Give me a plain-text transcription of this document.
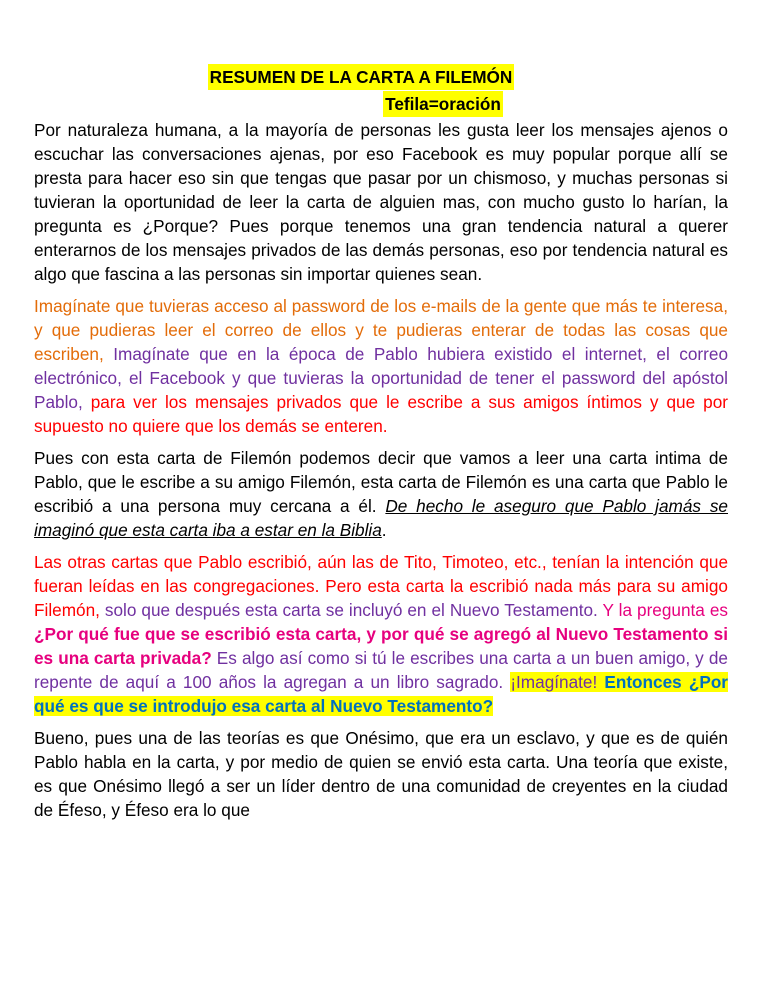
RESUMEN DE LA CARTA A FILEMÓN
Tefila=oración

Por naturaleza humana, a la mayoría de personas les gusta leer los mensajes ajenos o escuchar las conversaciones ajenas, por eso Facebook es muy popular porque allí se presta para hacer eso sin que tengas que pasar por un chismoso, y muchas personas si tuvieran la oportunidad de leer la carta de alguien mas, con mucho gusto lo harían, la pregunta es ¿Porque? Pues porque tenemos una gran tendencia natural a querer enterarnos de los mensajes privados de las demás personas, eso por tendencia natural es algo que fascina a las personas sin importar quienes sean.

Imagínate que tuvieras acceso al password de los e-mails de la gente que más te interesa, y que pudieras leer el correo de ellos y te pudieras enterar de todas las cosas que escriben, Imagínate que en la época de Pablo hubiera existido el internet, el correo electrónico, el Facebook y que tuvieras la oportunidad de tener el password del apóstol Pablo, para ver los mensajes privados que le escribe a sus amigos íntimos y que por supuesto no quiere que los demás se enteren.

Pues con esta carta de Filemón podemos decir que vamos a leer una carta intima de Pablo, que le escribe a su amigo Filemón, esta carta de Filemón es una carta que Pablo le escribió a una persona muy cercana a él. De hecho le aseguro que Pablo jamás se imaginó que esta carta iba a estar en la Biblia.

Las otras cartas que Pablo escribió, aún las de Tito, Timoteo, etc., tenían la intención que fueran leídas en las congregaciones. Pero esta carta la escribió nada más para su amigo Filemón, solo que después esta carta se incluyó en el Nuevo Testamento. Y la pregunta es ¿Por qué fue que se escribió esta carta, y por qué se agregó al Nuevo Testamento si es una carta privada? Es algo así como si tú le escribes una carta a un buen amigo, y de repente de aquí a 100 años la agregan a un libro sagrado. ¡Imagínate! Entonces ¿Por qué es que se introdujo esa carta al Nuevo Testamento?

Bueno, pues una de las teorías es que Onésimo, que era un esclavo, y que es de quién Pablo habla en la carta, y por medio de quien se envió esta carta. Una teoría que existe, es que Onésimo llegó a ser un líder dentro de una comunidad de creyentes en la ciudad de Éfeso, y Éfeso era lo que
